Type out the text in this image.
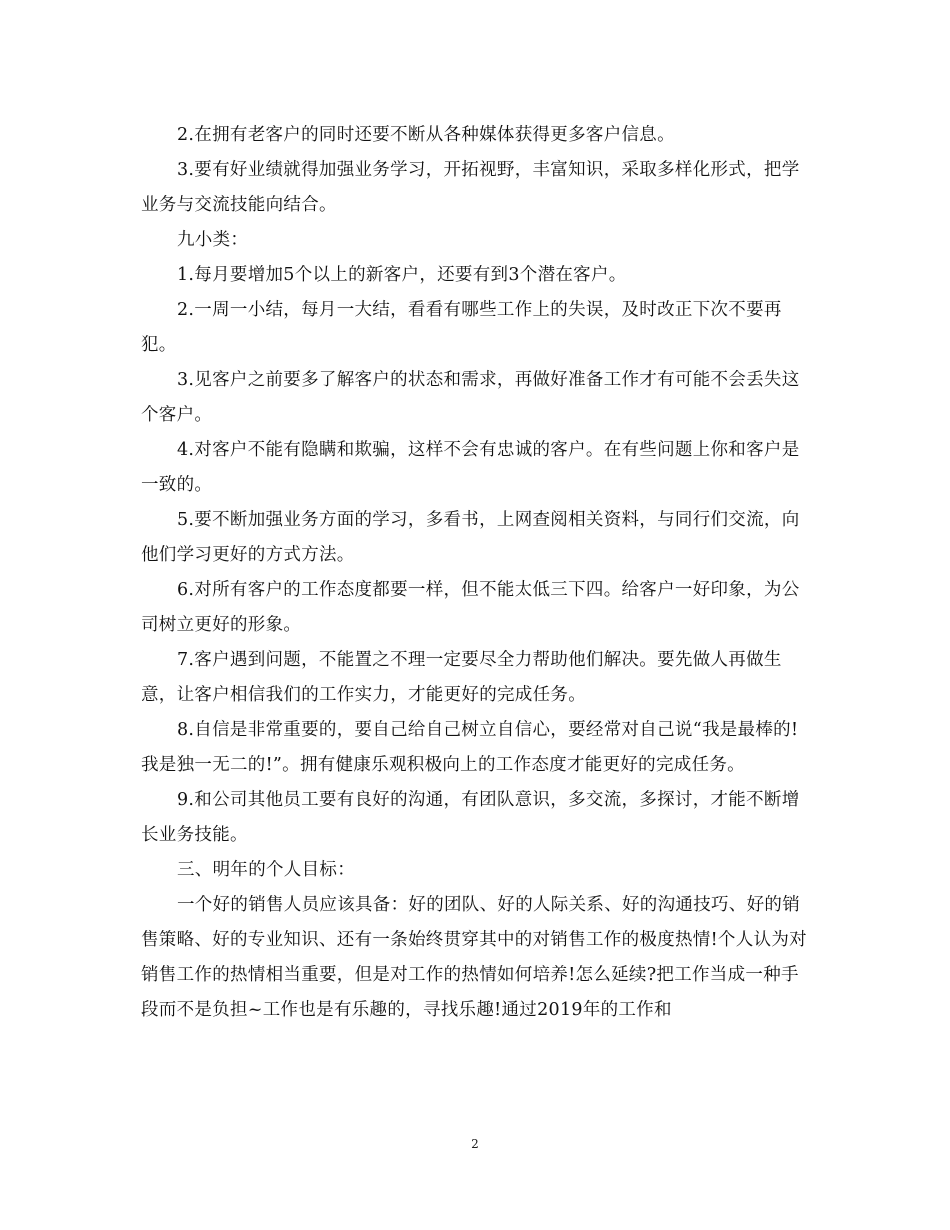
2.在拥有老客户的同时还要不断从各种媒体获得更多客户信息。

3.要有好业绩就得加强业务学习，开拓视野，丰富知识，采取多样化形式，把学业务与交流技能向结合。

九小类：

1.每月要增加5个以上的新客户，还要有到3个潜在客户。

2.一周一小结，每月一大结，看看有哪些工作上的失误，及时改正下次不要再犯。

3.见客户之前要多了解客户的状态和需求，再做好准备工作才有可能不会丢失这个客户。

4.对客户不能有隐瞒和欺骗，这样不会有忠诚的客户。在有些问题上你和客户是一致的。

5.要不断加强业务方面的学习，多看书，上网查阅相关资料，与同行们交流，向他们学习更好的方式方法。

6.对所有客户的工作态度都要一样，但不能太低三下四。给客户一好印象，为公司树立更好的形象。

7.客户遇到问题，不能置之不理一定要尽全力帮助他们解决。要先做人再做生意，让客户相信我们的工作实力，才能更好的完成任务。

8.自信是非常重要的，要自己给自己树立自信心，要经常对自己说“我是最棒的!我是独一无二的!”。拥有健康乐观积极向上的工作态度才能更好的完成任务。

9.和公司其他员工要有良好的沟通，有团队意识，多交流，多探讨，才能不断增长业务技能。

三、明年的个人目标：

一个好的销售人员应该具备：好的团队、好的人际关系、好的沟通技巧、好的销售策略、好的专业知识、还有一条始终贯穿其中的对销售工作的极度热情!个人认为对销售工作的热情相当重要，但是对工作的热情如何培养!怎么延续?把工作当成一种手段而不是负担~工作也是有乐趣的，寻找乐趣!通过2019年的工作和

2
